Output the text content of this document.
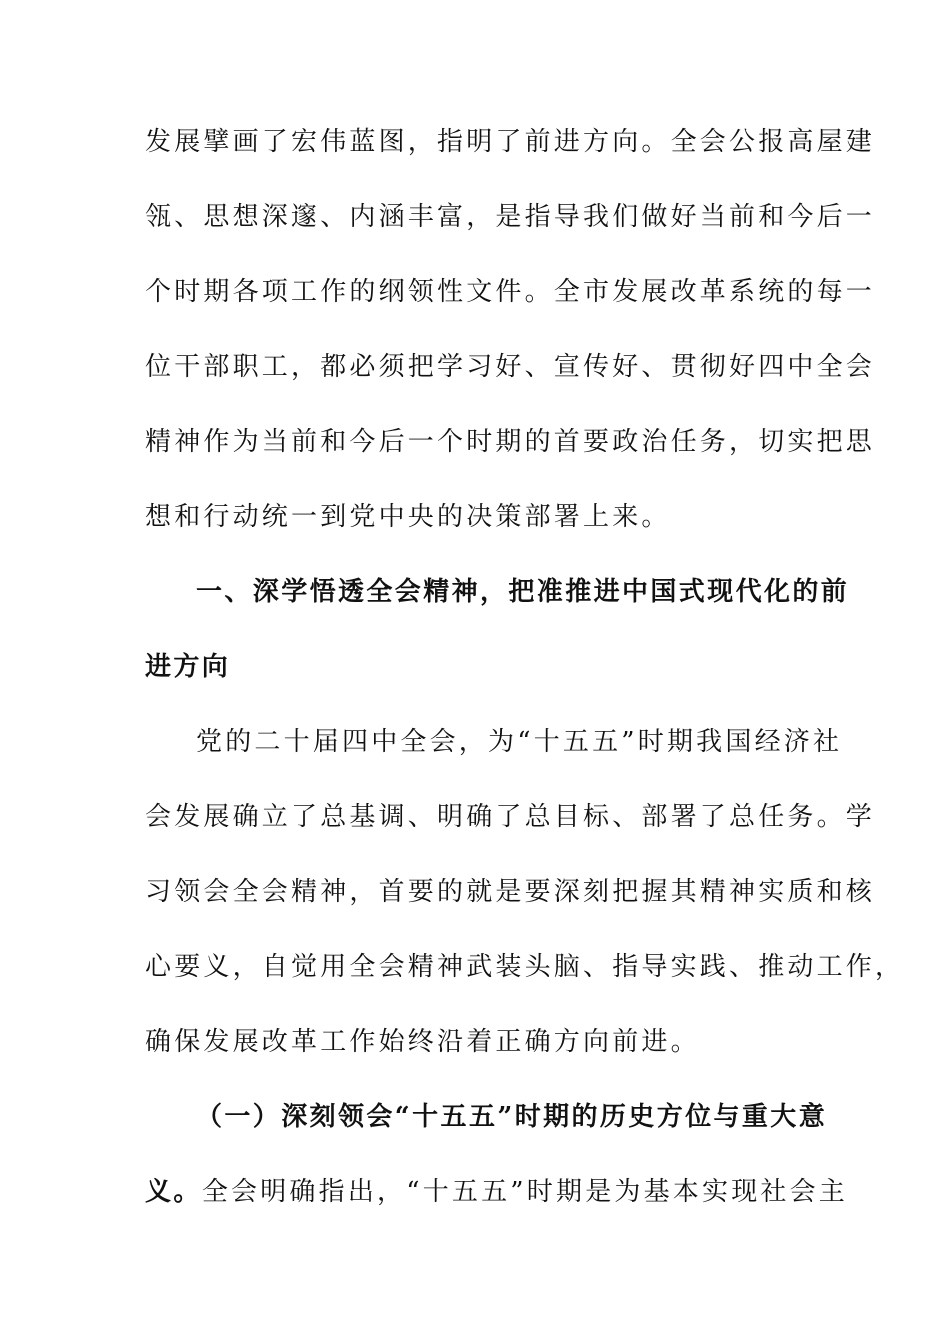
发展擘画了宏伟蓝图，指明了前进方向。全会公报高屋建
瓴、思想深邃、内涵丰富，是指导我们做好当前和今后一
个时期各项工作的纲领性文件。全市发展改革系统的每一
位干部职工，都必须把学习好、宣传好、贯彻好四中全会
精神作为当前和今后一个时期的首要政治任务，切实把思
想和行动统一到党中央的决策部署上来。
一、深学悟透全会精神，把准推进中国式现代化的前
进方向
党的二十届四中全会，为“十五五”时期我国经济社
会发展确立了总基调、明确了总目标、部署了总任务。学
习领会全会精神，首要的就是要深刻把握其精神实质和核
心要义，自觉用全会精神武装头脑、指导实践、推动工作，
确保发展改革工作始终沿着正确方向前进。
（一）深刻领会“十五五”时期的历史方位与重大意
义。全会明确指出，“十五五”时期是为基本实现社会主
